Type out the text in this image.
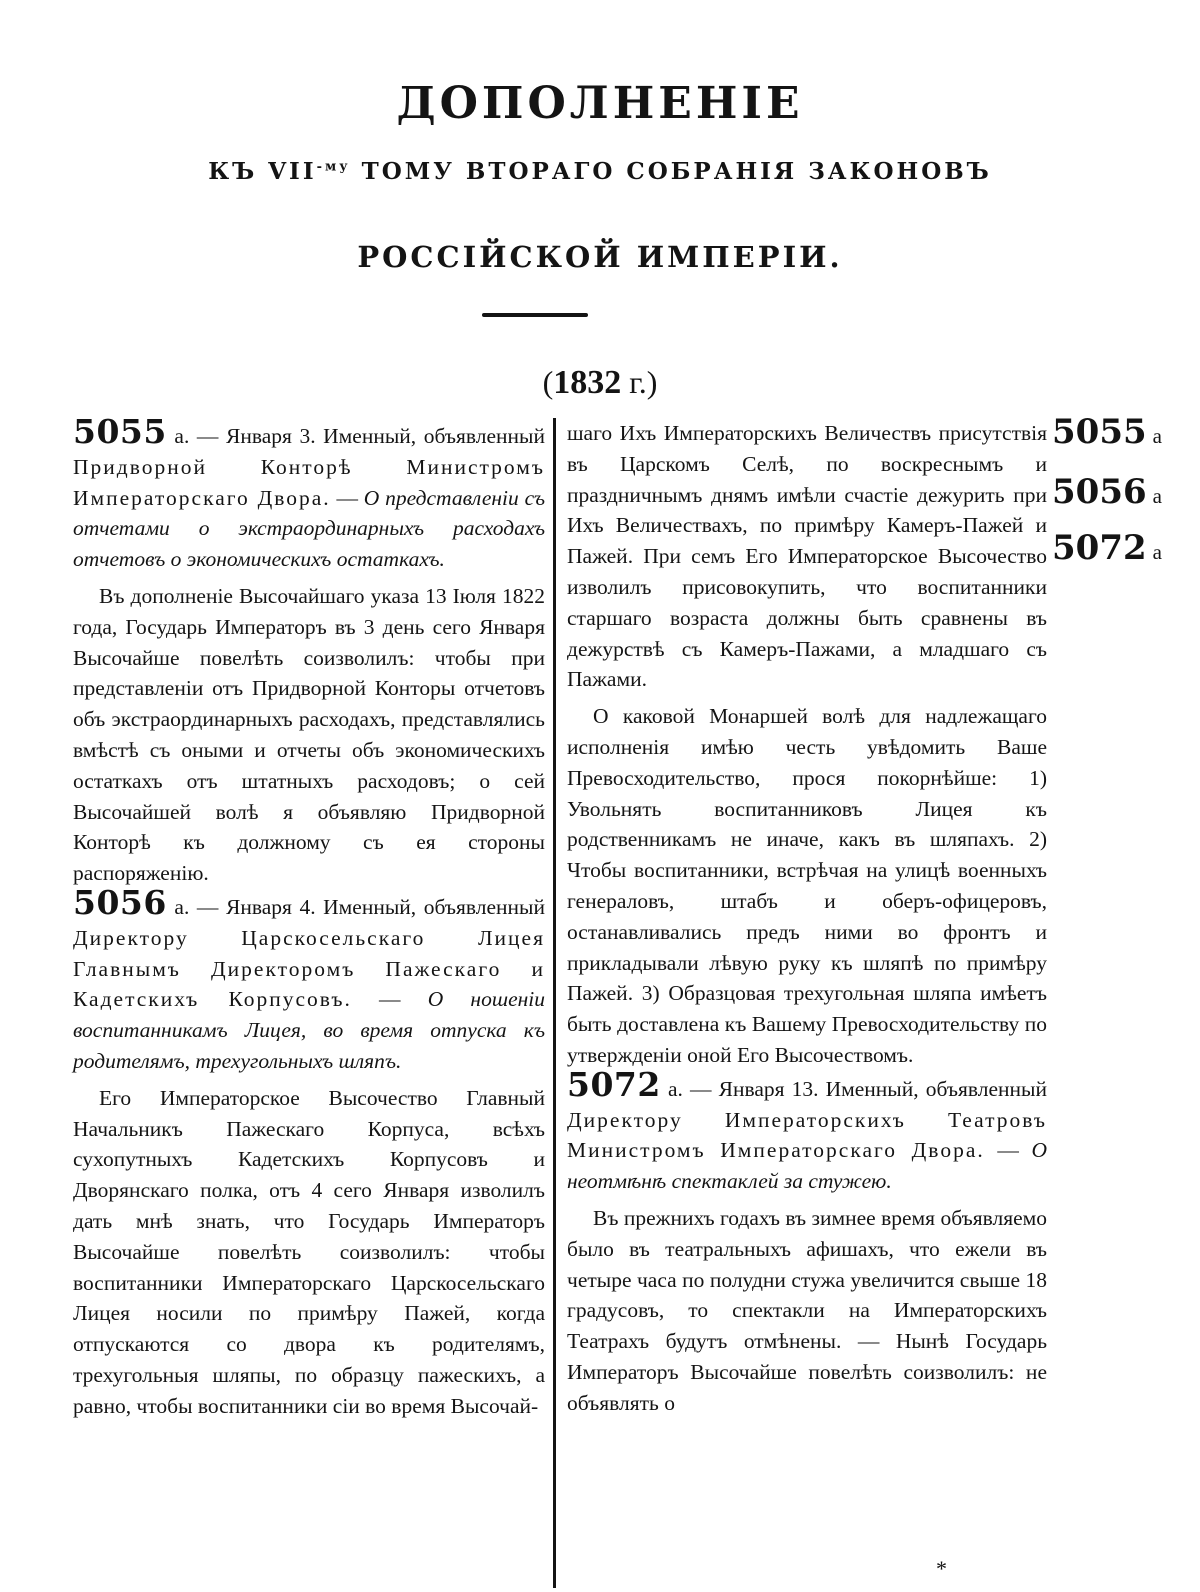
ДОПОЛНЕНІЕ
КЪ $VII^{-му}$ ТОМУ ВТОРАГО СОБРАНІЯ ЗАКОНОВЪ
РОССІЙСКОЙ ИМПЕРІИ.
(1832 г.)

5055 а. — Января 3. Именный, объявленный Придворной Конторѣ Министромъ Императорскаго Двора. — О представленіи съ отчетами о экстраординарныхъ расходахъ отчетовъ о экономическихъ остаткахъ.

Въ дополненіе Высочайшаго указа 13 Іюля 1822 года, Государь Императоръ въ 3 день сего Января Высочайше повелѣть соизволилъ: чтобы при представленіи отъ Придворной Конторы отчетовъ объ экстраординарныхъ расходахъ, представлялись вмѣстѣ съ оными и отчеты объ экономическихъ остаткахъ отъ штатныхъ расходовъ; о сей Высочайшей волѣ я объявляю Придворной Конторѣ къ должному съ ея стороны распоряженію.

5056 а. — Января 4. Именный, объявленный Директору Царскосельскаго Лицея Главнымъ Директоромъ Пажескаго и Кадетскихъ Корпусовъ. — О ношеніи воспитанникамъ Лицея, во время отпуска къ родителямъ, трехугольныхъ шляпъ.

Его Императорское Высочество Главный Начальникъ Пажескаго Корпуса, всѣхъ сухопутныхъ Кадетскихъ Корпусовъ и Дворянскаго полка, отъ 4 сего Января изволилъ дать мнѣ знать, что Государь Императоръ Высочайше повелѣть соизволилъ: чтобы воспитанники Императорскаго Царскосельскаго Лицея носили по примѣру Пажей, когда отпускаются со двора къ родителямъ, трехугольныя шляпы, по образцу пажескихъ, а равно, чтобы воспитанники сіи во время Высочай-

шаго Ихъ Императорскихъ Величествъ присутствія въ Царскомъ Селѣ, по воскреснымъ и праздничнымъ днямъ имѣли счастіе дежурить при Ихъ Величествахъ, по примѣру Камеръ-Пажей и Пажей. При семъ Его Императорское Высочество изволилъ присовокупить, что воспитанники старшаго возраста должны быть сравнены въ дежурствѣ съ Камеръ-Пажами, а младшаго съ Пажами.

О каковой Монаршей волѣ для надлежащаго исполненія имѣю честь увѣдомить Ваше Превосходительство, прося покорнѣйше: 1) Увольнять воспитанниковъ Лицея къ родственникамъ не иначе, какъ въ шляпахъ. 2) Чтобы воспитанники, встрѣчая на улицѣ военныхъ генераловъ, штабъ и оберъ-офицеровъ, останавливались предъ ними во фронтъ и прикладывали лѣвую руку къ шляпѣ по примѣру Пажей. 3) Образцовая трехугольная шляпа имѣетъ быть доставлена къ Вашему Превосходительству по утвержденіи оной Его Высочествомъ.

5072 а. — Января 13. Именный, объявленный Директору Императорскихъ Театровъ Министромъ Императорскаго Двора. — О неотмѣнѣ спектаклей за стужею.

Въ прежнихъ годахъ въ зимнее время объявляемо было въ театральныхъ афишахъ, что ежели въ четыре часа по полудни стужа увеличится свыше 18 градусовъ, то спектакли на Императорскихъ Театрахъ будутъ отмѣнены. — Нынѣ Государь Императоръ Высочайше повелѣть соизволилъ: не объявлять о

5055 а
5056 а
5072 а
*
